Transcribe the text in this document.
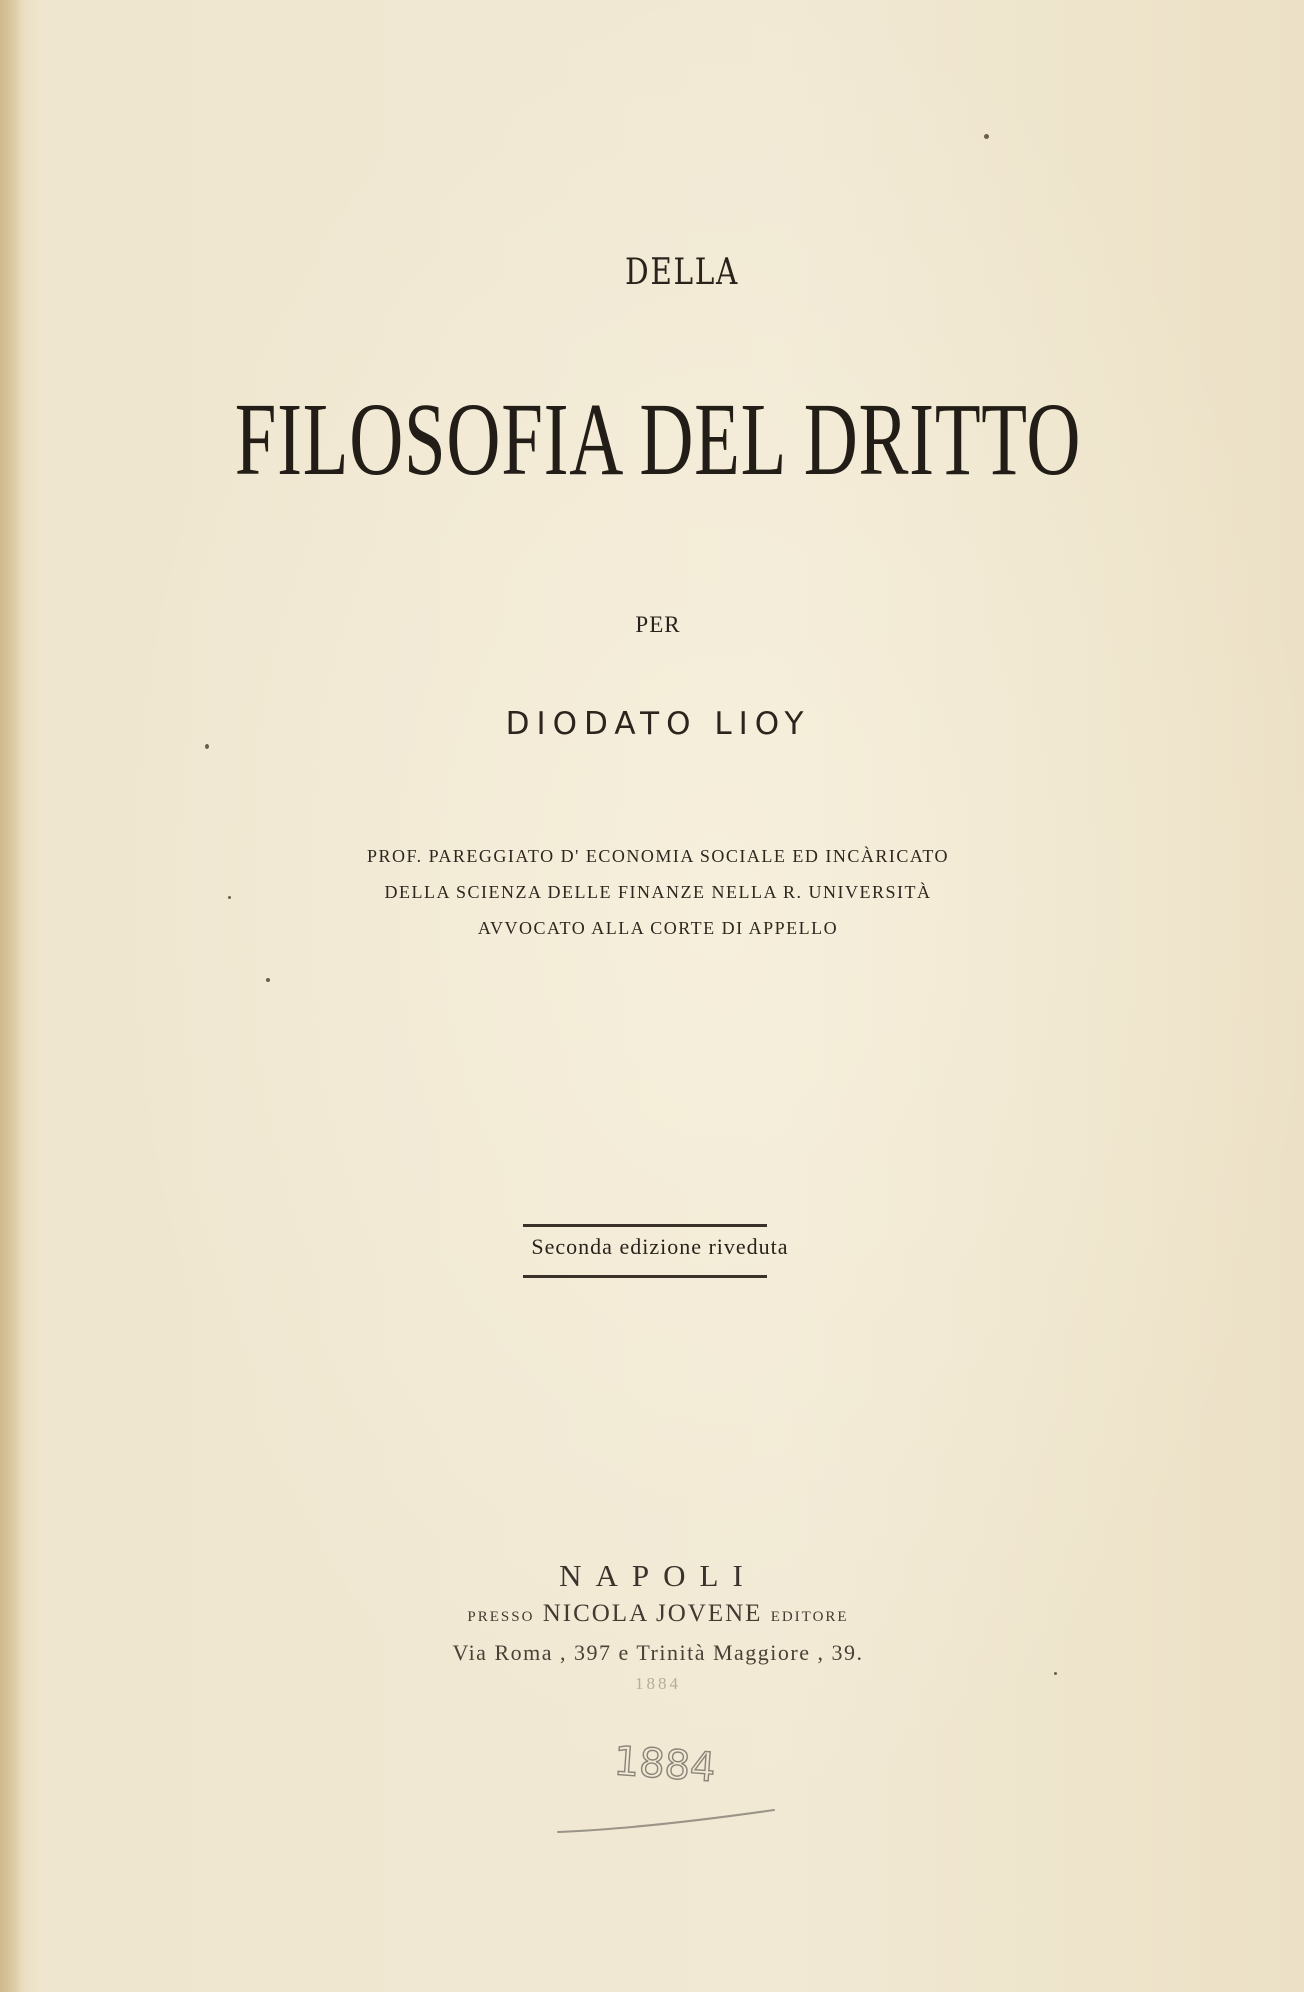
DELLA
FILOSOFIA DEL DRITTO
PER
DIODATO LIOY
PROF. PAREGGIATO D' ECONOMIA SOCIALE ED INCÀRICATO
DELLA SCIENZA DELLE FINANZE NELLA R. UNIVERSITÀ
AVVOCATO ALLA CORTE DI APPELLO
Seconda edizione riveduta
NAPOLI
PRESSO NICOLA JOVENE EDITORE
Via Roma , 397 e Trinità Maggiore , 39.
1884
1884
